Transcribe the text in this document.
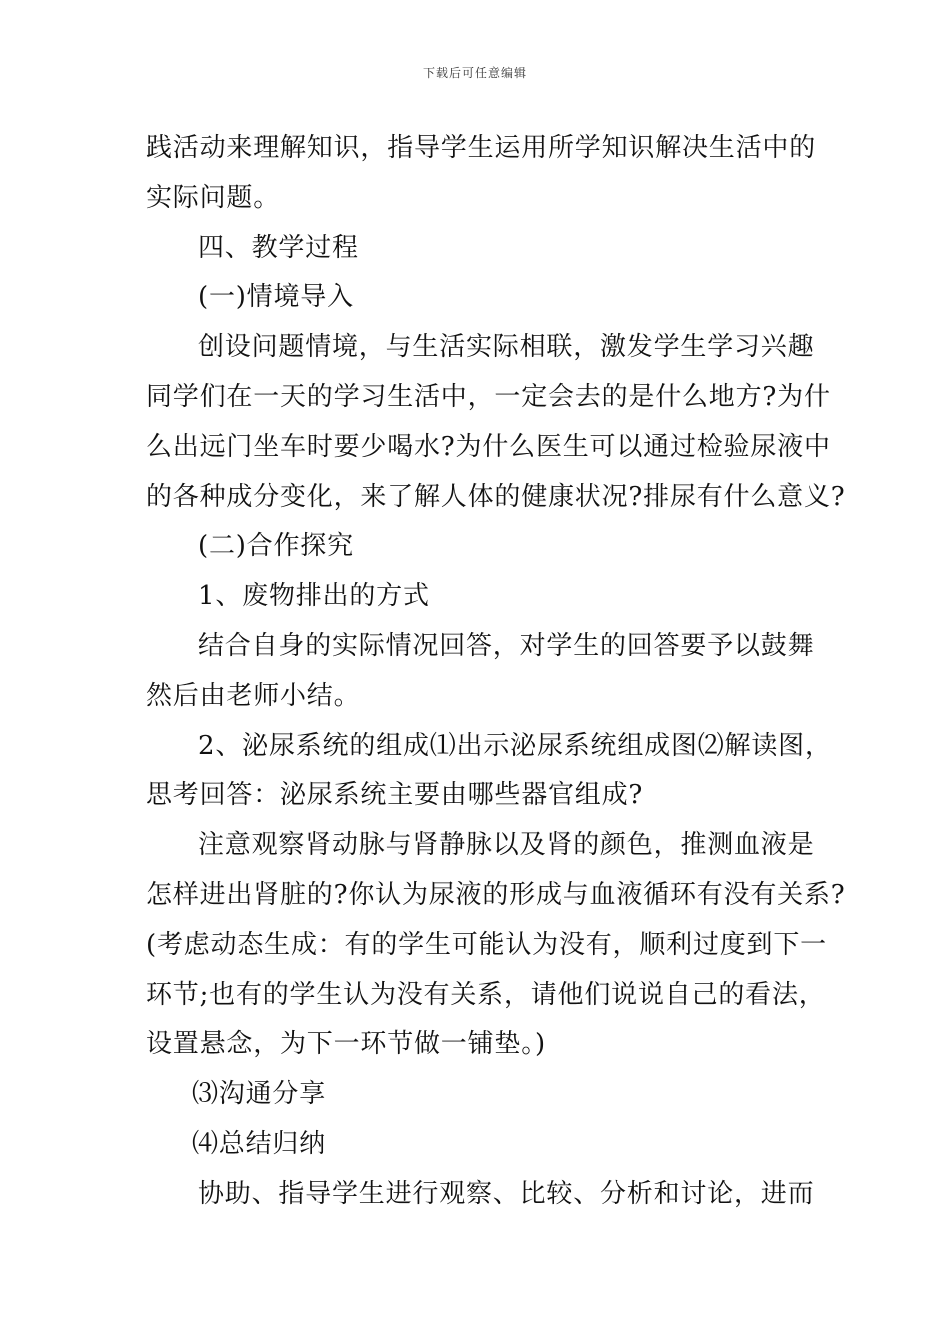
下载后可任意编辑
践活动来理解知识，指导学生运用所学知识解决生活中的
实际问题。
四、教学过程
(一)情境导入
创设问题情境，与生活实际相联，激发学生学习兴趣
同学们在一天的学习生活中，一定会去的是什么地方?为什
么出远门坐车时要少喝水?为什么医生可以通过检验尿液中
的各种成分变化，来了解人体的健康状况?排尿有什么意义?
(二)合作探究
1、废物排出的方式
结合自身的实际情况回答，对学生的回答要予以鼓舞
然后由老师小结。
2、泌尿系统的组成⑴出示泌尿系统组成图⑵解读图，
思考回答：泌尿系统主要由哪些器官组成?
注意观察肾动脉与肾静脉以及肾的颜色，推测血液是
怎样进出肾脏的?你认为尿液的形成与血液循环有没有关系?
(考虑动态生成：有的学生可能认为没有，顺利过度到下一
环节;也有的学生认为没有关系，请他们说说自己的看法，
设置悬念，为下一环节做一铺垫。)
⑶沟通分享
⑷总结归纳
协助、指导学生进行观察、比较、分析和讨论，进而
